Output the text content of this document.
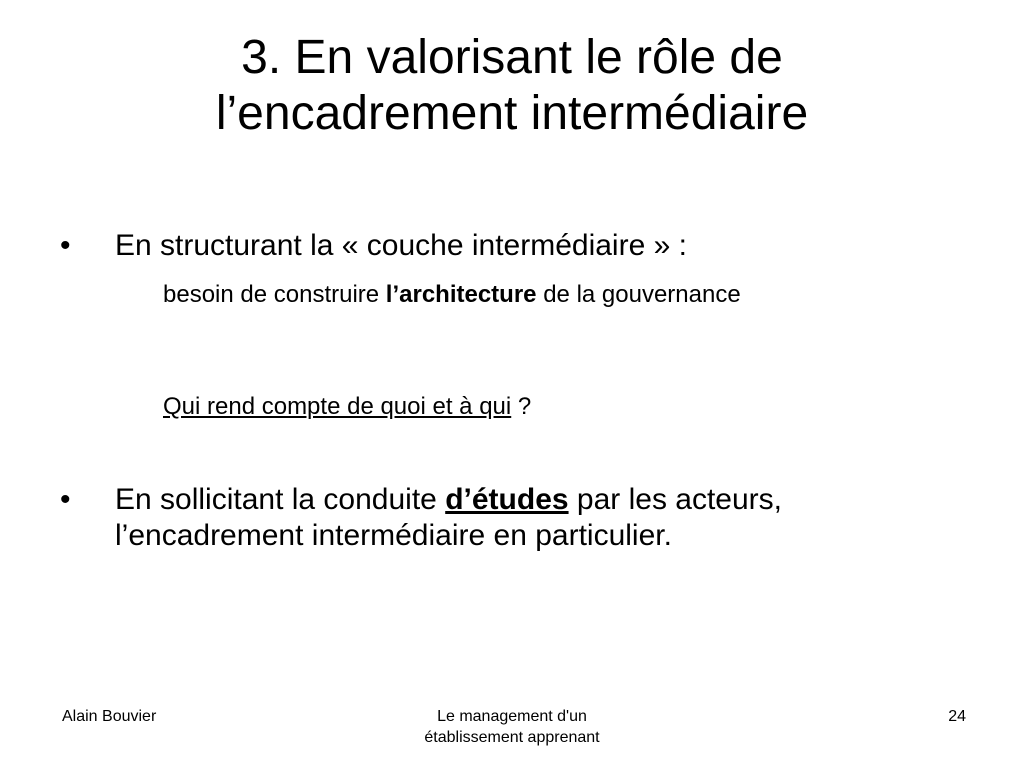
3. En valorisant le rôle de
l’encadrement intermédiaire
• En structurant la « couche intermédiaire » :
besoin de construire l’architecture de la gouvernance
Qui rend compte de quoi et à qui ?
• En sollicitant la conduite d’études par les acteurs, l’encadrement intermédiaire en particulier.
Alain Bouvier	Le management d'un
établissement apprenant
24
